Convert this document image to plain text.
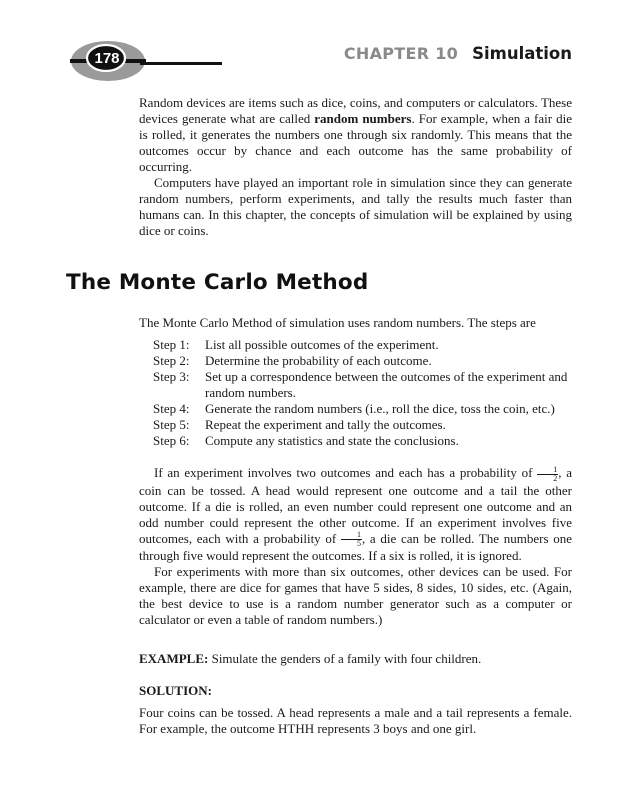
178	CHAPTER 10 Simulation

Random devices are items such as dice, coins, and computers or calculators. These devices generate what are called random numbers. For example, when a fair die is rolled, it generates the numbers one through six randomly. This means that the outcomes occur by chance and each outcome has the same probability of occurring.

Computers have played an important role in simulation since they can generate random numbers, perform experiments, and tally the results much faster than humans can. In this chapter, the concepts of simulation will be explained by using dice or coins.

The Monte Carlo Method

The Monte Carlo Method of simulation uses random numbers. The steps are

Step 1:	List all possible outcomes of the experiment.
Step 2:	Determine the probability of each outcome.
Step 3:	Set up a correspondence between the outcomes of the experiment and random numbers.
Step 4:	Generate the random numbers (i.e., roll the dice, toss the coin, etc.)
Step 5:	Repeat the experiment and tally the outcomes.
Step 6:	Compute any statistics and state the conclusions.

If an experiment involves two outcomes and each has a probability of $\frac{1}{2}$ , a coin can be tossed. A head would represent one outcome and a tail the other outcome. If a die is rolled, an even number could represent one outcome and an odd number could represent the other outcome. If an experiment involves five outcomes, each with a probability of $\frac{1}{5}$ , a die can be rolled. The numbers one through five would represent the outcomes. If a six is rolled, it is ignored.

For experiments with more than six outcomes, other devices can be used. For example, there are dice for games that have 5 sides, 8 sides, 10 sides, etc. (Again, the best device to use is a random number generator such as a computer or calculator or even a table of random numbers.)

EXAMPLE: Simulate the genders of a family with four children.

SOLUTION:

Four coins can be tossed. A head represents a male and a tail represents a female. For example, the outcome HTHH represents 3 boys and one girl.
